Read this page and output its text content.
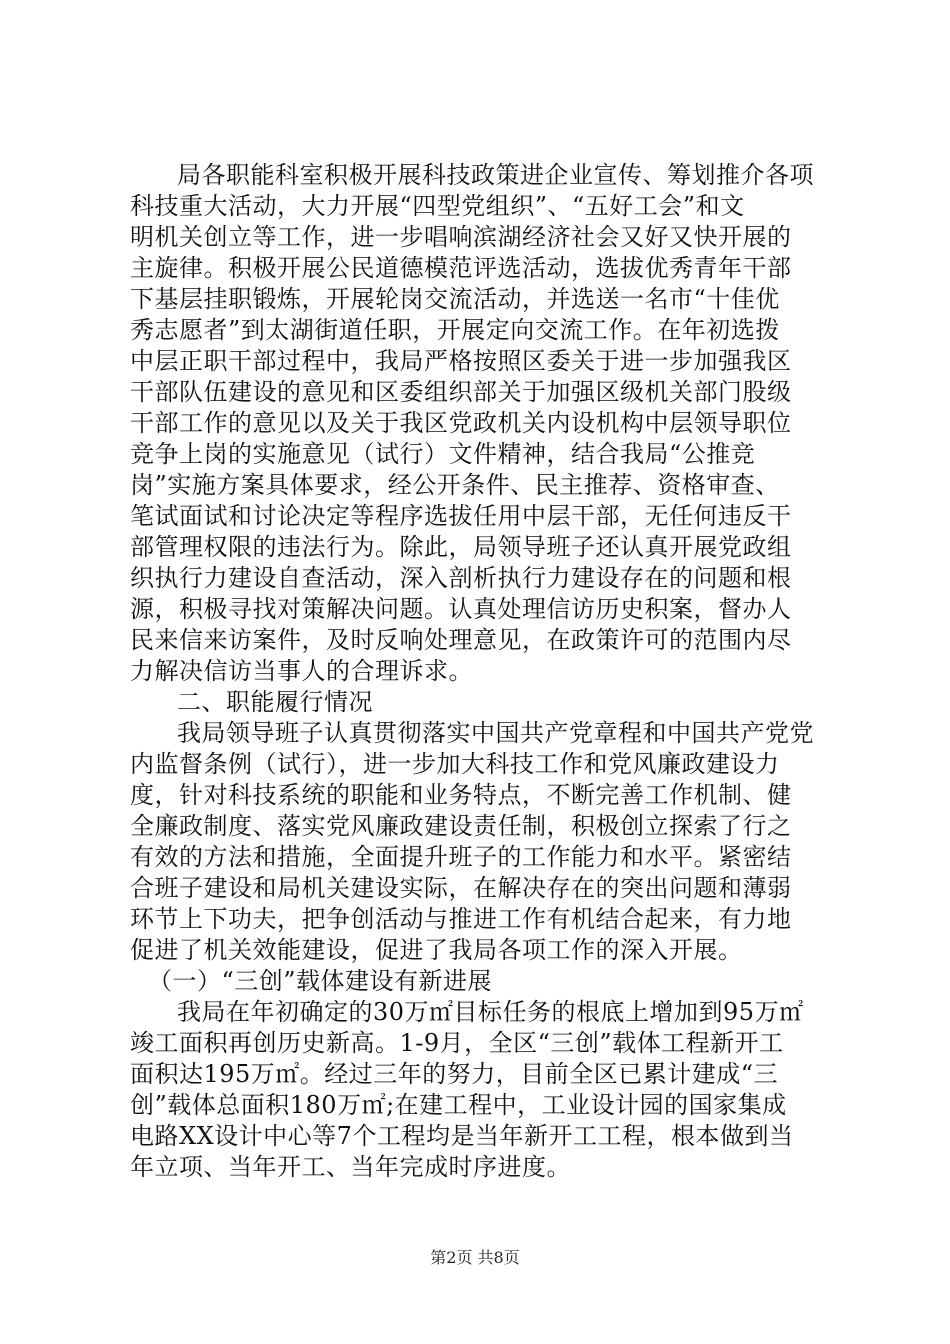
局各职能科室积极开展科技政策进企业宣传、筹划推介各项
科技重大活动，大力开展“四型党组织”、“五好工会”和文
明机关创立等工作，进一步唱响滨湖经济社会又好又快开展的
主旋律。积极开展公民道德模范评选活动，选拔优秀青年干部
下基层挂职锻炼，开展轮岗交流活动，并选送一名市“十佳优
秀志愿者”到太湖街道任职，开展定向交流工作。在年初选拨
中层正职干部过程中，我局严格按照区委关于进一步加强我区
干部队伍建设的意见和区委组织部关于加强区级机关部门股级
干部工作的意见以及关于我区党政机关内设机构中层领导职位
竞争上岗的实施意见（试行）文件精神，结合我局“公推竞
岗”实施方案具体要求，经公开条件、民主推荐、资格审查、
笔试面试和讨论决定等程序选拔任用中层干部，无任何违反干
部管理权限的违法行为。除此，局领导班子还认真开展党政组
织执行力建设自查活动，深入剖析执行力建设存在的问题和根
源，积极寻找对策解决问题。认真处理信访历史积案，督办人
民来信来访案件，及时反响处理意见，在政策许可的范围内尽
力解决信访当事人的合理诉求。
二、职能履行情况
我局领导班子认真贯彻落实中国共产党章程和中国共产党党
内监督条例（试行），进一步加大科技工作和党风廉政建设力
度，针对科技系统的职能和业务特点，不断完善工作机制、健
全廉政制度、落实党风廉政建设责任制，积极创立探索了行之
有效的方法和措施，全面提升班子的工作能力和水平。紧密结
合班子建设和局机关建设实际，在解决存在的突出问题和薄弱
环节上下功夫，把争创活动与推进工作有机结合起来，有力地
促进了机关效能建设，促进了我局各项工作的深入开展。
（一）“三创”载体建设有新进展
我局在年初确定的30万㎡目标任务的根底上增加到95万㎡
竣工面积再创历史新高。1-9月，全区“三创”载体工程新开工
面积达195万㎡。经过三年的努力，目前全区已累计建成“三
创”载体总面积180万㎡;在建工程中，工业设计园的国家集成
电路XX设计中心等7个工程均是当年新开工工程，根本做到当
年立项、当年开工、当年完成时序进度。
第2页 共8页
